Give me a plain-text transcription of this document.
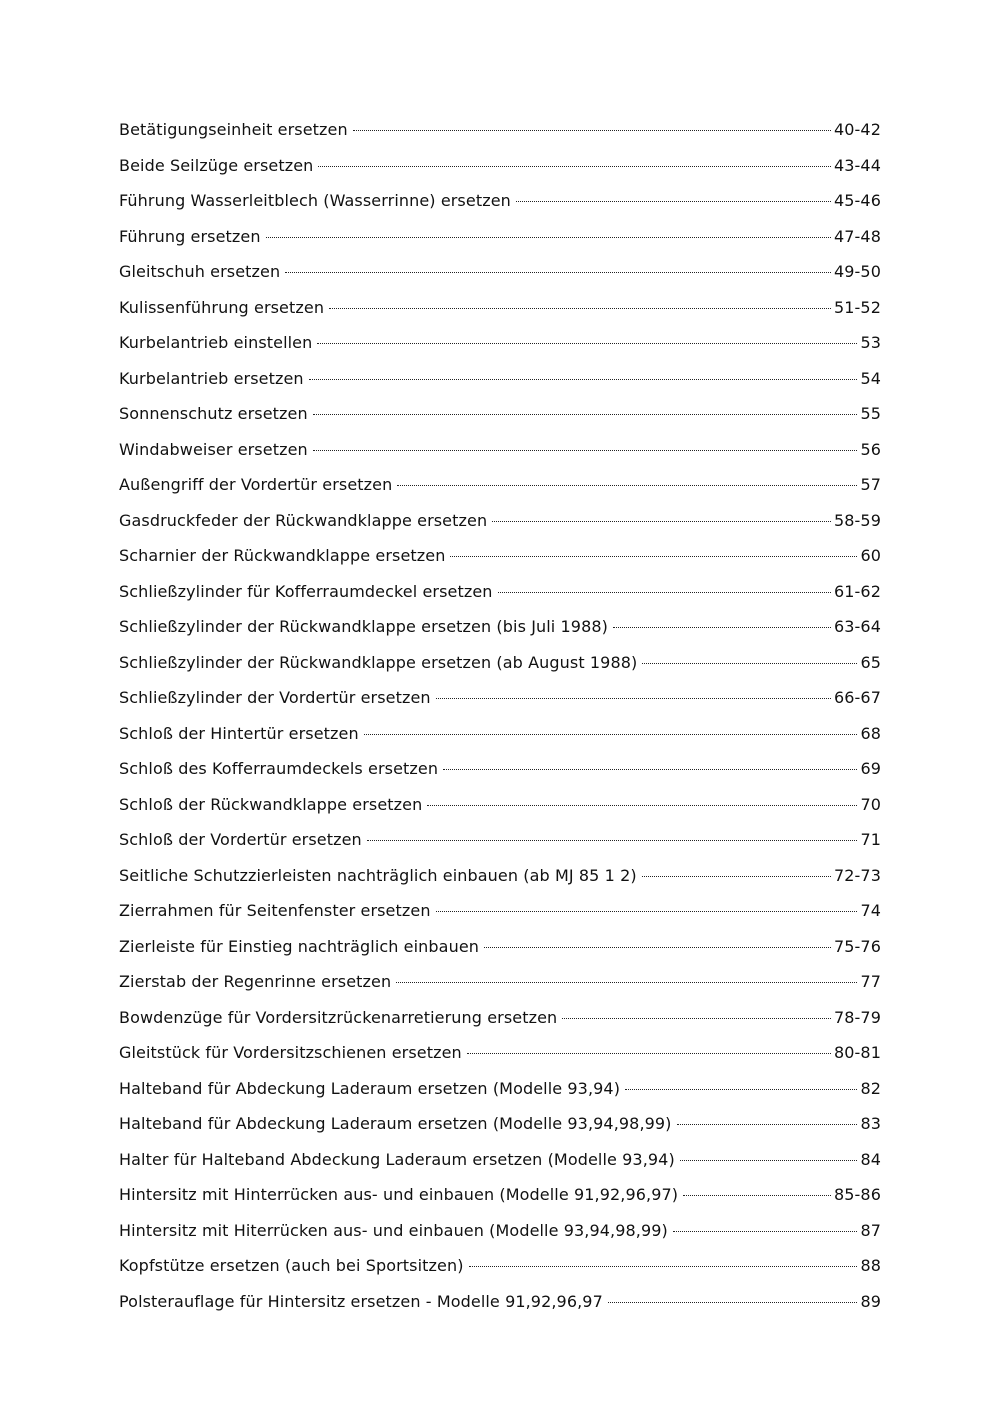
Betätigungseinheit ersetzen	40-42
Beide Seilzüge ersetzen	43-44
Führung Wasserleitblech (Wasserrinne) ersetzen	45-46
Führung ersetzen	47-48
Gleitschuh ersetzen	49-50
Kulissenführung ersetzen	51-52
Kurbelantrieb einstellen	53
Kurbelantrieb ersetzen	54
Sonnenschutz ersetzen	55
Windabweiser ersetzen	56
Außengriff der Vordertür ersetzen	57
Gasdruckfeder der Rückwandklappe ersetzen	58-59
Scharnier der Rückwandklappe ersetzen	60
Schließzylinder für Kofferraumdeckel ersetzen	61-62
Schließzylinder der Rückwandklappe ersetzen (bis Juli 1988)	63-64
Schließzylinder der Rückwandklappe ersetzen (ab August 1988)	65
Schließzylinder der Vordertür ersetzen	66-67
Schloß der Hintertür ersetzen	68
Schloß des Kofferraumdeckels ersetzen	69
Schloß der Rückwandklappe ersetzen	70
Schloß der Vordertür ersetzen	71
Seitliche Schutzzierleisten nachträglich einbauen (ab MJ 85 1 2)	72-73
Zierrahmen für Seitenfenster ersetzen	74
Zierleiste für Einstieg nachträglich einbauen	75-76
Zierstab der Regenrinne ersetzen	77
Bowdenzüge für Vordersitzrückenarretierung ersetzen	78-79
Gleitstück für Vordersitzschienen ersetzen	80-81
Halteband für Abdeckung Laderaum ersetzen (Modelle 93,94)	82
Halteband für Abdeckung Laderaum ersetzen (Modelle 93,94,98,99)	83
Halter für Halteband Abdeckung Laderaum ersetzen (Modelle 93,94)	84
Hintersitz mit Hinterrücken aus- und einbauen (Modelle 91,92,96,97)	85-86
Hintersitz mit Hiterrücken aus- und einbauen (Modelle 93,94,98,99)	87
Kopfstütze ersetzen (auch bei Sportsitzen)	88
Polsterauflage für Hintersitz ersetzen - Modelle 91,92,96,97	89
